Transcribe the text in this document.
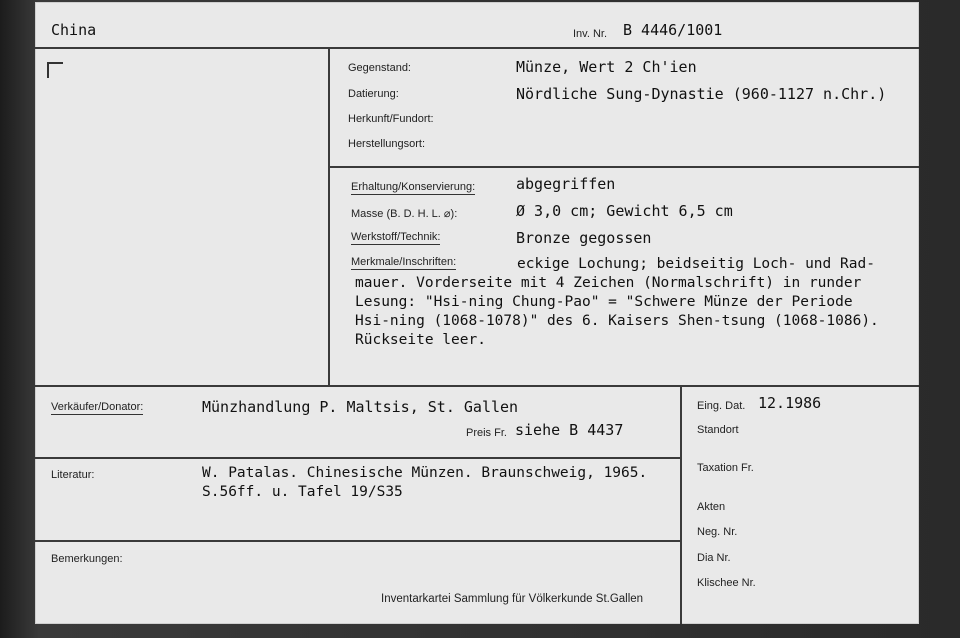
China	Inv. Nr. B 4446/1001
Gegenstand:	Münze, Wert 2 Ch'ien
Datierung:	Nördliche Sung-Dynastie (960-1127 n.Chr.)
Herkunft/Fundort:
Herstellungsort:
Erhaltung/Konservierung:	abgegriffen
Masse (B. D. H. L. ⌀):	Ø 3,0 cm; Gewicht 6,5 cm
Werkstoff/Technik:	Bronze gegossen
Merkmale/Inschriften:	eckige Lochung; beidseitig Loch- und Rad-
mauer. Vorderseite mit 4 Zeichen (Normalschrift) in runder
Lesung: "Hsi-ning Chung-Pao" = "Schwere Münze der Periode
Hsi-ning (1068-1078)" des 6. Kaisers Shen-tsung (1068-1086).
Rückseite leer.
Verkäufer/Donator:	Münzhandlung P. Maltsis, St. Gallen
Preis Fr. siehe B 4437
Literatur:	W. Patalas. Chinesische Münzen. Braunschweig, 1965.
S.56ff. u. Tafel 19/S35
Bemerkungen:
Inventarkartei Sammlung für Völkerkunde St.Gallen
Eing. Dat. 12.1986
Standort
Taxation Fr.
Akten
Neg. Nr.
Dia Nr.
Klischee Nr.
